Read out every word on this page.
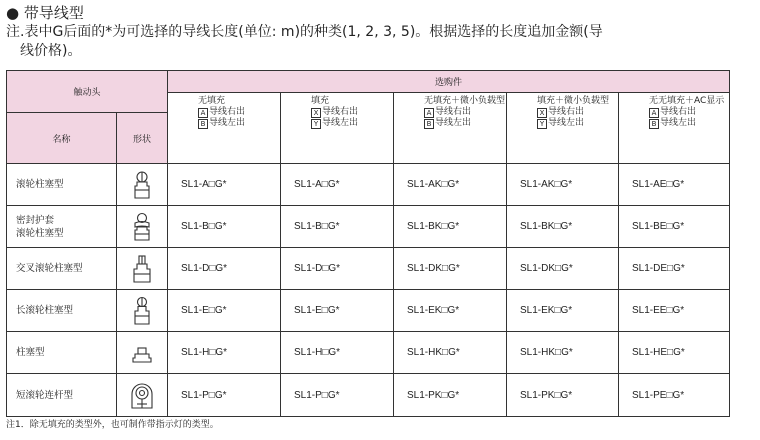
● 带导线型
注.表中G后面的*为可选择的导线长度(单位: m)的种类(1, 2, 3, 5)。根据选择的长度追加金额(导
线价格)。
触动头		选购件				

		无填充
A 导线右出
B 导线左出	填充
X 导线右出
Y 导线左出	无填充＋微小负载型
A 导线右出
B 导线左出	填充＋微小负载型
X 导线右出
Y 导线左出	无无填充＋AC显示
A 导线右出
B 导线左出

名称	形状					

滚轮柱塞型		SL1-A□G*	SL1-A□G*	SL1-AK□G*	SL1-AK□G*	SL1-AE□G*

密封护套
滚轮柱塞型		SL1-B□G*	SL1-B□G*	SL1-BK□G*	SL1-BK□G*	SL1-BE□G*

交叉滚轮柱塞型		SL1-D□G*	SL1-D□G*	SL1-DK□G*	SL1-DK□G*	SL1-DE□G*

长滚轮柱塞型		SL1-E□G*	SL1-E□G*	SL1-EK□G*	SL1-EK□G*	SL1-EE□G*

柱塞型		SL1-H□G*	SL1-H□G*	SL1-HK□G*	SL1-HK□G*	SL1-HE□G*

短滚轮连杆型		SL1-P□G*	SL1-P□G*	SL1-PK□G*	SL1-PK□G*	SL1-PE□G*
注1．除无填充的类型外，也可制作带指示灯的类型。
